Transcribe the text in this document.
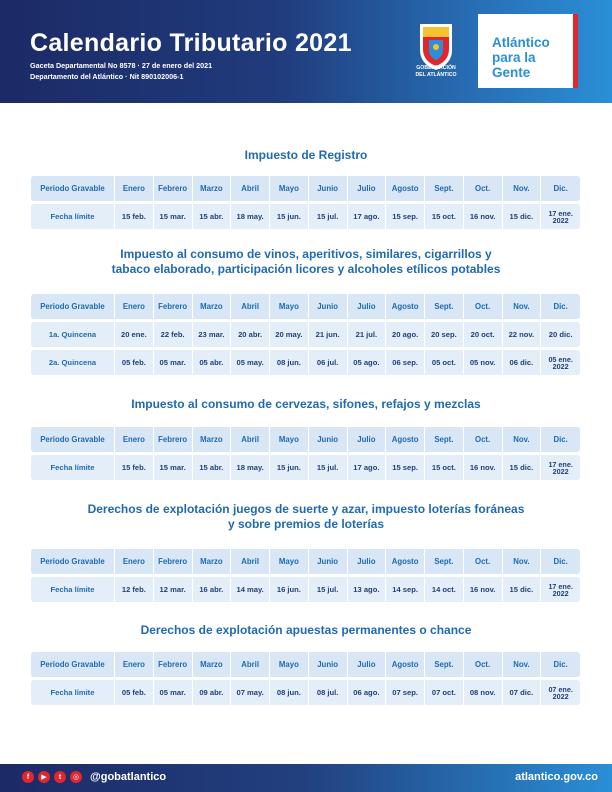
Calendario Tributario 2021
Gaceta Departamental No 8578 · 27 de enero del 2021
Departamento del Atlántico · Nit 890102006-1
GOBERNACIÓN
DEL ATLÁNTICO
Atlántico
para la
Gente
Impuesto de Registro
Impuesto al consumo de vinos, aperitivos, similares, cigarrillos y
tabaco elaborado, participación licores y alcoholes etílicos potables
Impuesto al consumo de cervezas, sifones, refajos y mezclas
Derechos de explotación juegos de suerte y azar, impuesto loterías foráneas
y sobre premios de loterías
Derechos de explotación apuestas permanentes o chance
Periodo Gravable	Enero	Febrero	Marzo	Abril	Mayo	Junio	Julio	Agosto	Sept.	Oct.	Nov.	Dic.
Fecha límite	15 feb.	15 mar.	15 abr.	18 may.	15 jun.	15 jul.	17 ago.	15 sep.	15 oct.	16 nov.	15 dic.	17 ene. 2022
Periodo Gravable	Enero	Febrero	Marzo	Abril	Mayo	Junio	Julio	Agosto	Sept.	Oct.	Nov.	Dic.
1a. Quincena	20 ene.	22 feb.	23 mar.	20 abr.	20 may.	21 jun.	21 jul.	20 ago.	20 sep.	20 oct.	22 nov.	20 dic.
2a. Quincena	05 feb.	05 mar.	05 abr.	05 may.	08 jun.	06 jul.	05 ago.	06 sep.	05 oct.	05 nov.	06 dic.	05 ene. 2022
Periodo Gravable	Enero	Febrero	Marzo	Abril	Mayo	Junio	Julio	Agosto	Sept.	Oct.	Nov.	Dic.
Fecha límite	15 feb.	15 mar.	15 abr.	18 may.	15 jun.	15 jul.	17 ago.	15 sep.	15 oct.	16 nov.	15 dic.	17 ene. 2022
Periodo Gravable	Enero	Febrero	Marzo	Abril	Mayo	Junio	Julio	Agosto	Sept.	Oct.	Nov.	Dic.
Fecha límite	12 feb.	12 mar.	16 abr.	14 may.	16 jun.	15 jul.	13 ago.	14 sep.	14 oct.	16 nov.	15 dic.	17 ene. 2022
Periodo Gravable	Enero	Febrero	Marzo	Abril	Mayo	Junio	Julio	Agosto	Sept.	Oct.	Nov.	Dic.
Fecha límite	05 feb.	05 mar.	09 abr.	07 may.	08 jun.	08 jul.	06 ago.	07 sep.	07 oct.	08 nov.	07 dic.	07 ene. 2022
f	▶	t	◎ @gobatlantico	atlantico.gov.co
